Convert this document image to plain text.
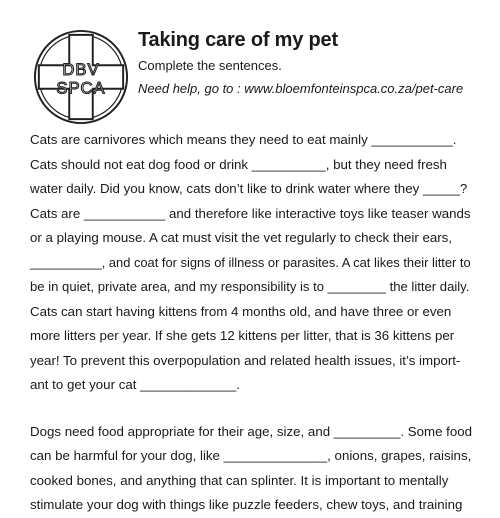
DBV
SPCA
Taking care of my pet
Complete the sentences.
Need help, go to : www.bloemfonteinspca.co.za/pet-care

Cats are carnivores which means they need to eat mainly ___________.
Cats should not eat dog food or drink __________, but they need fresh
water daily. Did you know, cats don’t like to drink water where they _____?
Cats are ___________ and therefore like interactive toys like teaser wands
or a playing mouse. A cat must visit the vet regularly to check their ears,
__________, and coat for signs of illness or parasites. A cat likes their litter to
be in quiet, private area, and my responsibility is to ________ the litter daily.
Cats can start having kittens from 4 months old, and have three or even
more litters per year. If she gets 12 kittens per litter, that is 36 kittens per
year! To prevent this overpopulation and related health issues, it’s import-
ant to get your cat _____________.

Dogs need food appropriate for their age, size, and _________. Some food
can be harmful for your dog, like ______________, onions, grapes, raisins,
cooked bones, and anything that can splinter. It is important to mentally
stimulate your dog with things like puzzle feeders, chew toys, and training
